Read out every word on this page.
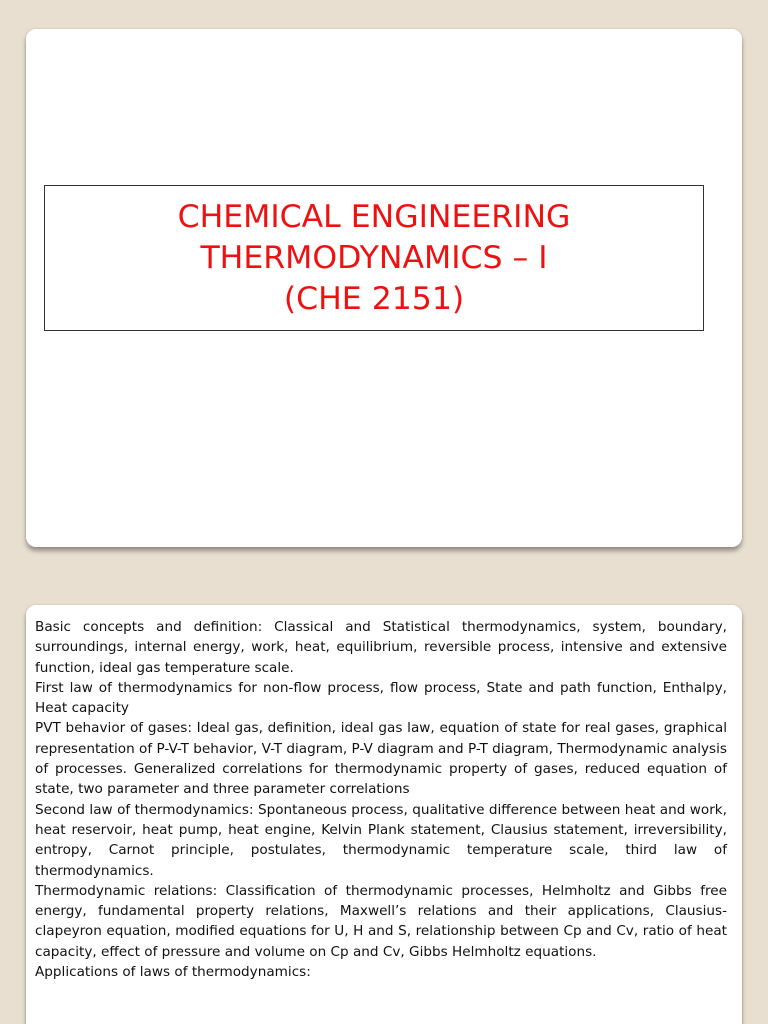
CHEMICAL ENGINEERING
THERMODYNAMICS – I
(CHE 2151)

Basic concepts and definition: Classical and Statistical thermodynamics, system, boundary, surroundings, internal energy, work, heat, equilibrium, reversible process, intensive and extensive function, ideal gas temperature scale.

First law of thermodynamics for non-flow process, flow process, State and path function, Enthalpy, Heat capacity

PVT behavior of gases: Ideal gas, definition, ideal gas law, equation of state for real gases, graphical representation of P-V-T behavior, V-T diagram, P-V diagram and P-T diagram, Thermodynamic analysis of processes. Generalized correlations for thermodynamic property of gases, reduced equation of state, two parameter and three parameter correlations

Second law of thermodynamics: Spontaneous process, qualitative difference between heat and work, heat reservoir, heat pump, heat engine, Kelvin Plank statement, Clausius statement, irreversibility, entropy, Carnot principle, postulates, thermodynamic temperature scale, third law of thermodynamics.

Thermodynamic relations: Classification of thermodynamic processes, Helmholtz and Gibbs free energy, fundamental property relations, Maxwell’s relations and their applications, Clausius-clapeyron equation, modified equations for U, H and S, relationship between Cp and Cv, ratio of heat capacity, effect of pressure and volume on Cp and Cv, Gibbs Helmholtz equations.

Applications of laws of thermodynamics:
